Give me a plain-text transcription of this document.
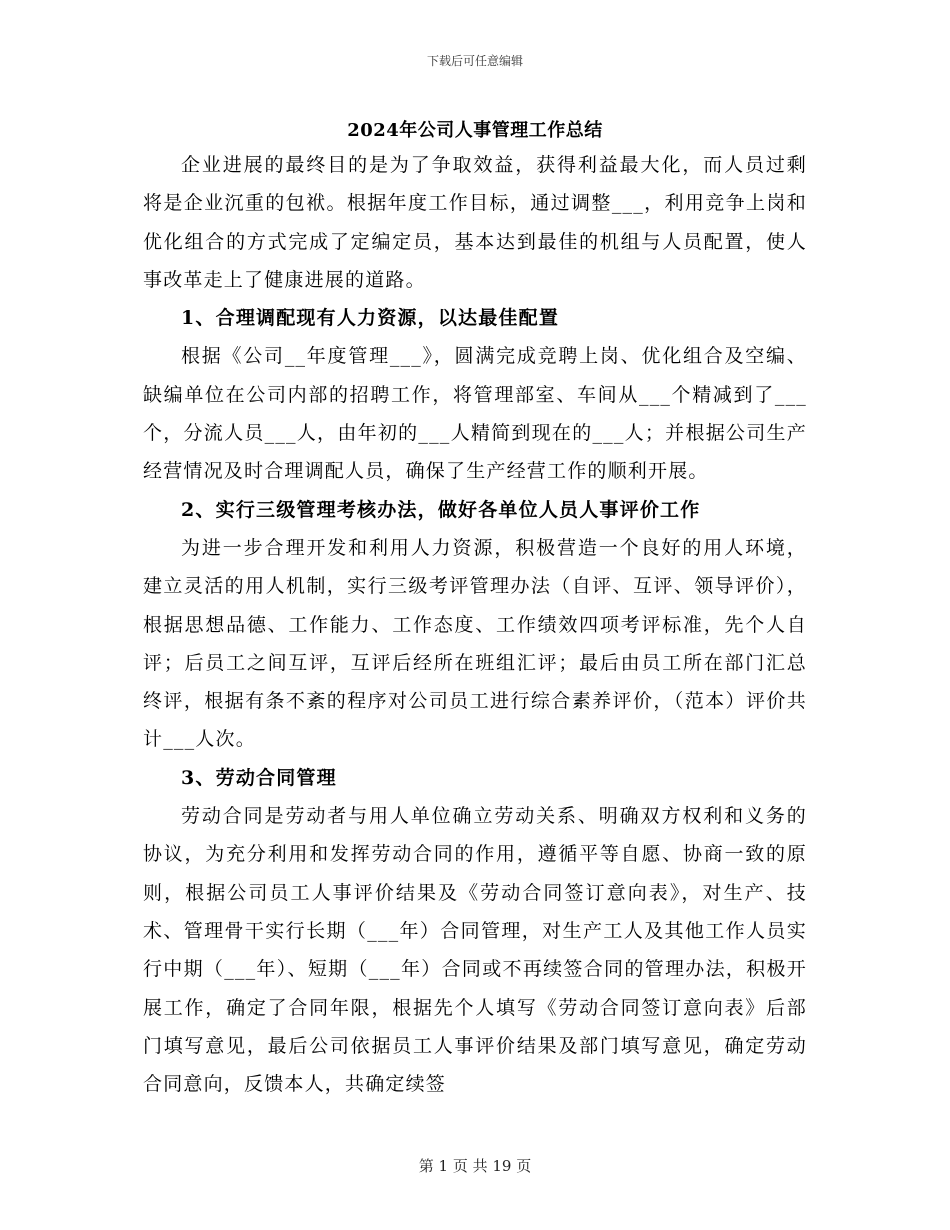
下载后可任意编辑
2024年公司人事管理工作总结

企业进展的最终目的是为了争取效益，获得利益最大化，而人员过剩将是企业沉重的包袱。根据年度工作目标，通过调整___，利用竞争上岗和优化组合的方式完成了定编定员，基本达到最佳的机组与人员配置，使人事改革走上了健康进展的道路。

1、合理调配现有人力资源，以达最佳配置

根据《公司__年度管理___》，圆满完成竞聘上岗、优化组合及空编、缺编单位在公司内部的招聘工作，将管理部室、车间从___个精减到了___个，分流人员___人，由年初的___人精简到现在的___人；并根据公司生产经营情况及时合理调配人员，确保了生产经营工作的顺利开展。

2、实行三级管理考核办法，做好各单位人员人事评价工作

为进一步合理开发和利用人力资源，积极营造一个良好的用人环境，建立灵活的用人机制，实行三级考评管理办法（自评、互评、领导评价），根据思想品德、工作能力、工作态度、工作绩效四项考评标准，先个人自评；后员工之间互评，互评后经所在班组汇评；最后由员工所在部门汇总终评，根据有条不紊的程序对公司员工进行综合素养评价，（范本）评价共计___人次。

3、劳动合同管理

劳动合同是劳动者与用人单位确立劳动关系、明确双方权利和义务的协议，为充分利用和发挥劳动合同的作用，遵循平等自愿、协商一致的原则，根据公司员工人事评价结果及《劳动合同签订意向表》，对生产、技术、管理骨干实行长期（___年）合同管理，对生产工人及其他工作人员实行中期（___年）、短期（___年）合同或不再续签合同的管理办法，积极开展工作，确定了合同年限，根据先个人填写《劳动合同签订意向表》后部门填写意见，最后公司依据员工人事评价结果及部门填写意见，确定劳动合同意向，反馈本人，共确定续签

第 1 页 共 19 页
